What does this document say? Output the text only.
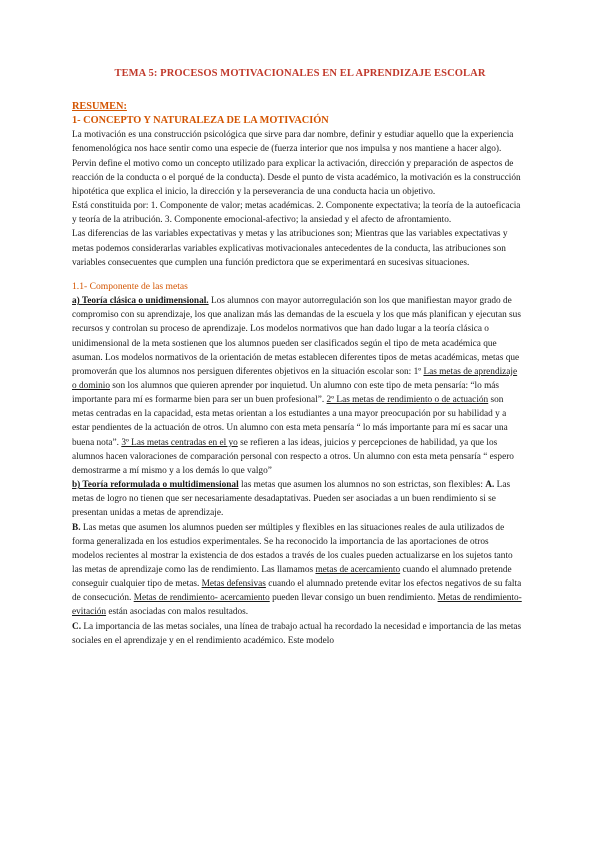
TEMA 5: PROCESOS MOTIVACIONALES EN EL APRENDIZAJE ESCOLAR

RESUMEN:

1- CONCEPTO Y NATURALEZA DE LA MOTIVACIÓN

La motivación es una construcción psicológica que sirve para dar nombre, definir y estudiar aquello que la experiencia fenomenológica nos hace sentir como una especie de (fuerza interior que nos impulsa y nos mantiene a hacer algo). Pervin define el motivo como un concepto utilizado para explicar la activación, dirección y preparación de aspectos de reacción de la conducta o el porqué de la conducta). Desde el punto de vista académico, la motivación es la construcción hipotética que explica el inicio, la dirección y la perseverancia de una conducta hacia un objetivo.

Está constituida por: 1. Componente de valor; metas académicas. 2. Componente expectativa; la teoría de la autoeficacia y teoría de la atribución. 3. Componente emocional-afectivo; la ansiedad y el afecto de afrontamiento.

Las diferencias de las variables expectativas y metas y las atribuciones son; Mientras que las variables expectativas y metas podemos considerarlas variables explicativas motivacionales antecedentes de la conducta, las atribuciones son variables consecuentes que cumplen una función predictora que se experimentará en sucesivas situaciones.

1.1- Componente de las metas

a) Teoría clásica o unidimensional. Los alumnos con mayor autorregulación son los que manifiestan mayor grado de compromiso con su aprendizaje, los que analizan más las demandas de la escuela y los que más planifican y ejecutan sus recursos y controlan su proceso de aprendizaje. Los modelos normativos que han dado lugar a la teoría clásica o unidimensional de la meta sostienen que los alumnos pueden ser clasificados según el tipo de meta académica que asuman. Los modelos normativos de la orientación de metas establecen diferentes tipos de metas académicas, metas que promoverán que los alumnos nos persiguen diferentes objetivos en la situación escolar son: 1º Las metas de aprendizaje o dominio son los alumnos que quieren aprender por inquietud. Un alumno con este tipo de meta pensaría: “lo más importante para mí es formarme bien para ser un buen profesional”. 2º Las metas de rendimiento o de actuación son metas centradas en la capacidad, esta metas orientan a los estudiantes a una mayor preocupación por su habilidad y a estar pendientes de la actuación de otros. Un alumno con esta meta pensaría “ lo más importante para mí es sacar una buena nota”. 3º Las metas centradas en el yo se refieren a las ideas, juicios y percepciones de habilidad, ya que los alumnos hacen valoraciones de comparación personal con respecto a otros. Un alumno con esta meta pensaría “ espero demostrarme a mí mismo y a los demás lo que valgo”

b) Teoría reformulada o multidimensional las metas que asumen los alumnos no son estrictas, son flexibles: A. Las metas de logro no tienen que ser necesariamente desadaptativas. Pueden ser asociadas a un buen rendimiento si se presentan unidas a metas de aprendizaje.

B. Las metas que asumen los alumnos pueden ser múltiples y flexibles en las situaciones reales de aula utilizados de forma generalizada en los estudios experimentales. Se ha reconocido la importancia de las aportaciones de otros modelos recientes al mostrar la existencia de dos estados a través de los cuales pueden actualizarse en los sujetos tanto las metas de aprendizaje como las de rendimiento. Las llamamos metas de acercamiento cuando el alumnado pretende conseguir cualquier tipo de metas. Metas defensivas cuando el alumnado pretende evitar los efectos negativos de su falta de consecución. Metas de rendimiento- acercamiento pueden llevar consigo un buen rendimiento. Metas de rendimiento-evitación están asociadas con malos resultados.

C. La importancia de las metas sociales, una línea de trabajo actual ha recordado la necesidad e importancia de las metas sociales en el aprendizaje y en el rendimiento académico. Este modelo
